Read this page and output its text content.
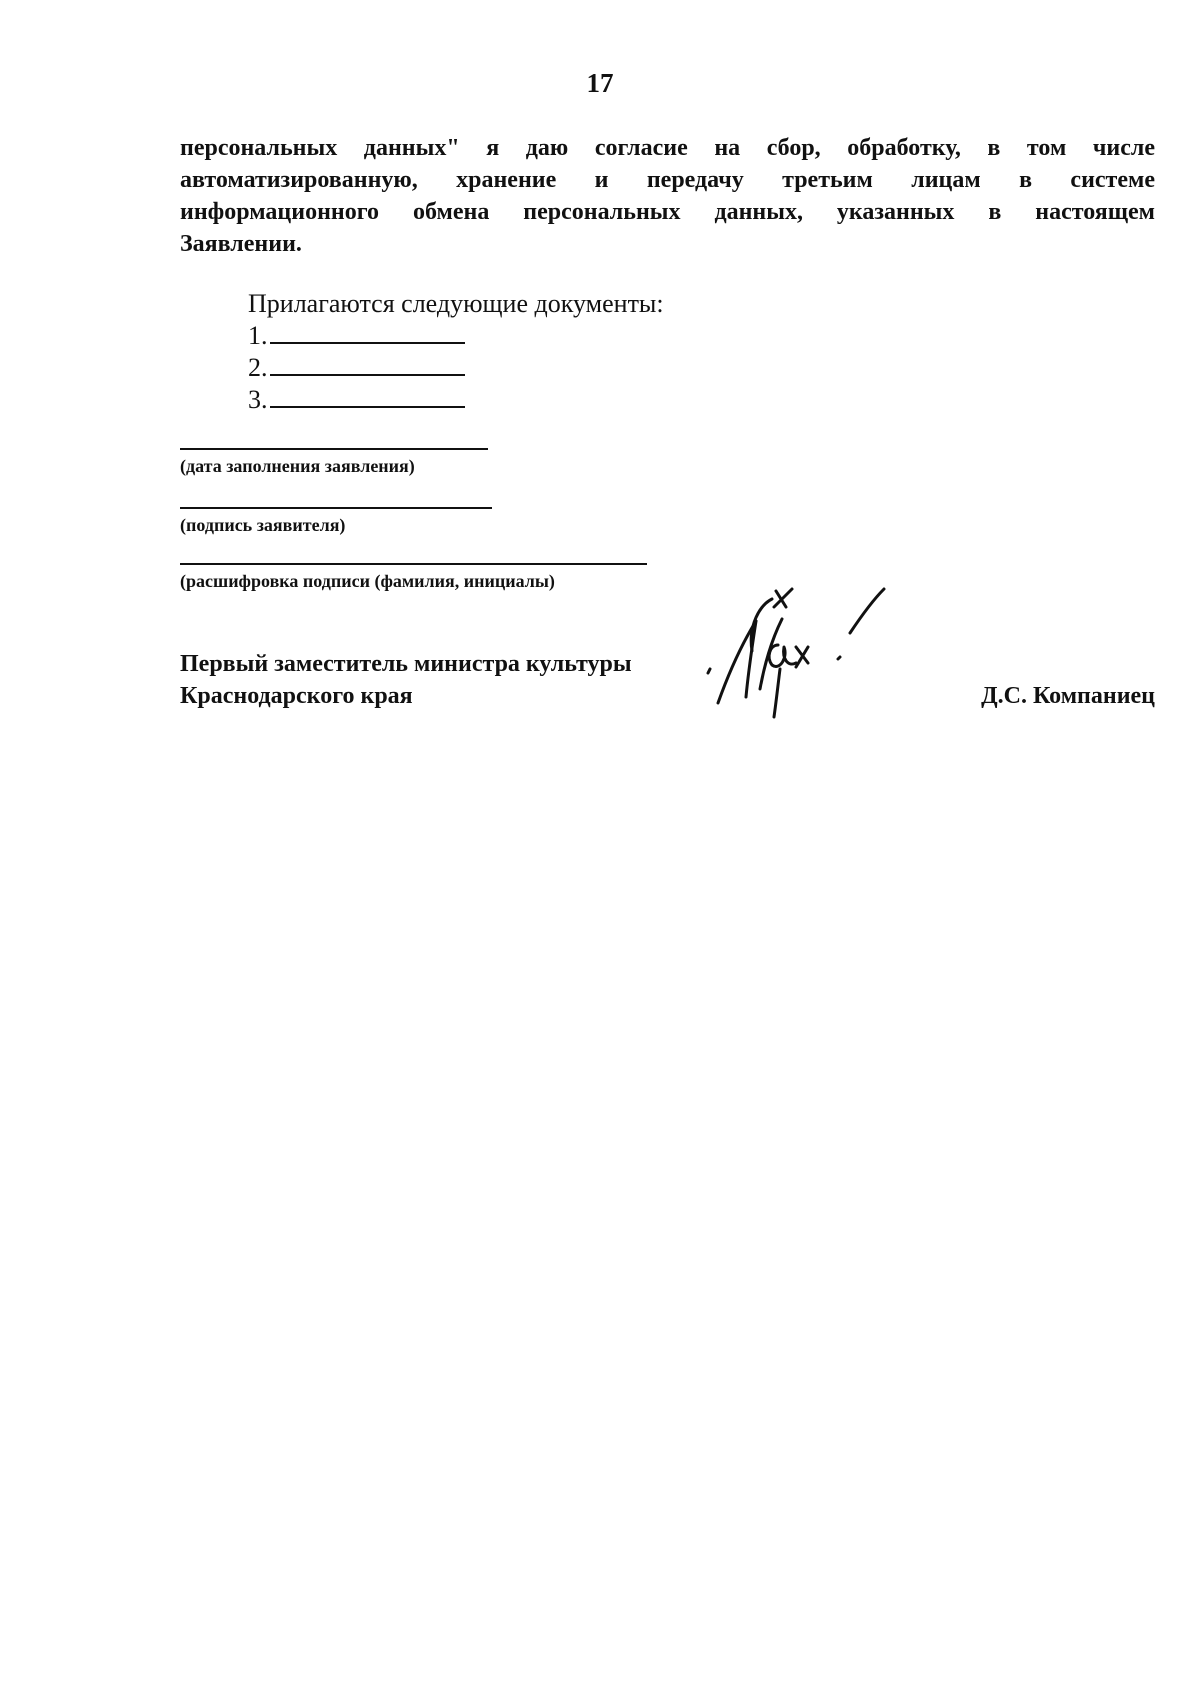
17
персональных данных" я даю согласие на сбор, обработку, в том числе
автоматизированную, хранение и передачу третьим лицам в системе
информационного обмена персональных данных, указанных в настоящем
Заявлении.
Прилагаются следующие документы:
1.
2.
3.
(дата заполнения заявления)
(подпись заявителя)
(расшифровка подписи (фамилия, инициалы)
Первый заместитель министра культуры
Краснодарского края	Д.С. Компаниец
